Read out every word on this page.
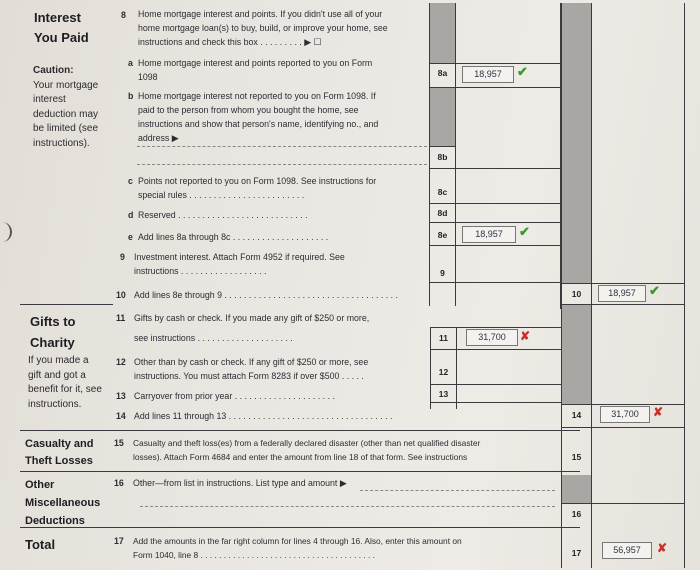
Interest
You Paid
Caution:
Your mortgage
interest
deduction may
be limited (see
instructions).
Gifts to
Charity
If you made a
gift and got a
benefit for it, see
instructions.
Casualty and
Theft Losses
Other
Miscellaneous
Deductions
Total
8 Home mortgage interest and points. If you didn't use all of your
home mortgage loan(s) to buy, build, or improve your home, see
instructions and check this box . . . . . . . . . ▶ ☐
a Home mortgage interest and points reported to you on Form
1098	8a	18,957	✔
b Home mortgage interest not reported to you on Form 1098. If
paid to the person from whom you bought the home, see
instructions and show that person's name, identifying no., and
address ▶
8b
c Points not reported to you on Form 1098. See instructions for
special rules . . . . . . . . . . . . . . . . . . . . . . . .	8c
d Reserved . . . . . . . . . . . . . . . . . . . . . . . . . . .	8d
e Add lines 8a through 8c . . . . . . . . . . . . . . . . . . . .	8e	18,957	✔
9 Investment interest. Attach Form 4952 if required. See
instructions . . . . . . . . . . . . . . . . . .	9
10 Add lines 8e through 9 . . . . . . . . . . . . . . . . . . . . . . . . . . . . . . . . . . . .	10	18,957	✔
11 Gifts by cash or check. If you made any gift of $250 or more,
see instructions . . . . . . . . . . . . . . . . . . . .	11	31,700	✘
12 Other than by cash or check. If any gift of $250 or more, see
instructions. You must attach Form 8283 if over $500 . . . . .	12
13 Carryover from prior year . . . . . . . . . . . . . . . . . . . . .	13
14 Add lines 11 through 13 . . . . . . . . . . . . . . . . . . . . . . . . . . . . . . . . . .	14	31,700	✘
15 Casualty and theft loss(es) from a federally declared disaster (other than net qualified disaster
losses). Attach Form 4684 and enter the amount from line 18 of that form. See instructions	15
16 Other—from list in instructions. List type and amount ▶
16
17 Add the amounts in the far right column for lines 4 through 16. Also, enter this amount on
Form 1040, line 8 . . . . . . . . . . . . . . . . . . . . . . . . . . . . . . . . . . . . . .	17	56,957	✘
